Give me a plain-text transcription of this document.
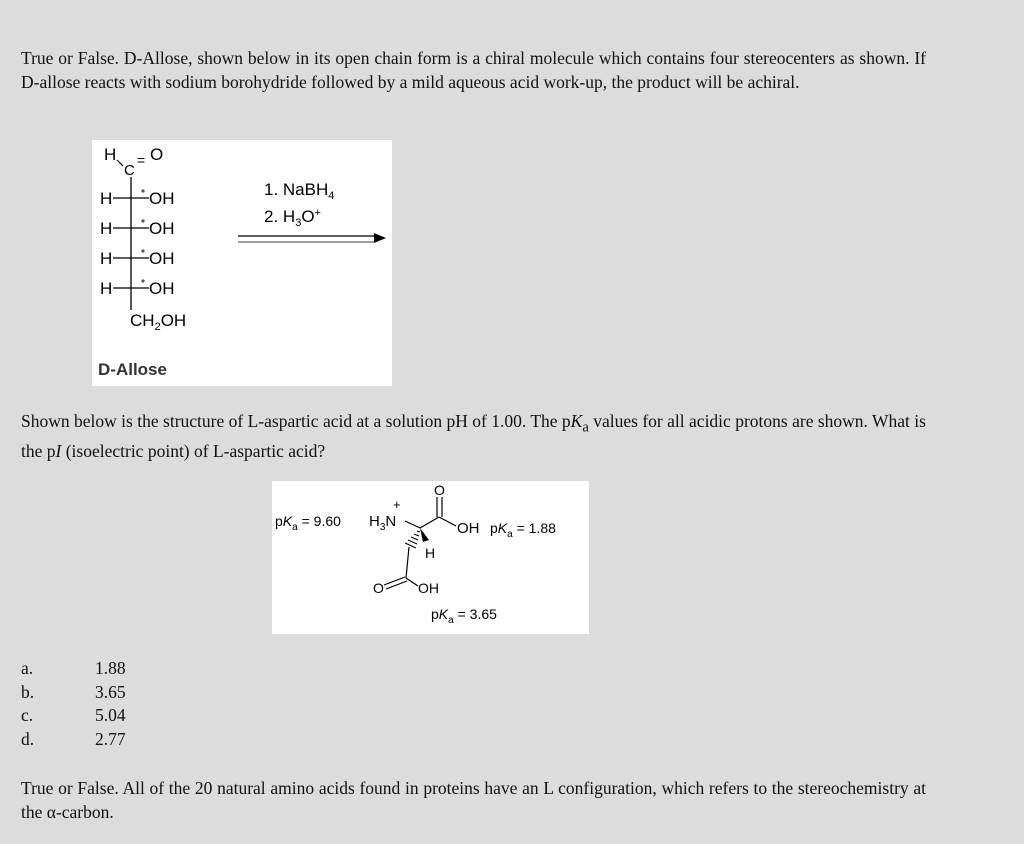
True or False. D-Allose, shown below in its open chain form is a chiral molecule which contains four stereocenters as shown. If D-allose reacts with sodium borohydride followed by a mild aqueous acid work-up, the product will be achiral.

H
C
= O
H OH
H OH
H OH
H OH
$CH_2OH$
D-Allose
1. NaBH$_4$
2. $H_3O^+$

Shown below is the structure of L-aspartic acid at a solution pH of 1.00. The $pK_a$ values for all acidic protons are shown. What is the pI (isoelectric point) of L-aspartic acid?

$pK_a = 9.60$ $H_3N$
+
O
OH $pK_a = 1.88$
H
O OH
$pK_a = 3.65$
a.	1.88
b.	3.65
c.	5.04
d.	2.77

True or False. All of the 20 natural amino acids found in proteins have an L configuration, which refers to the stereochemistry at the α-carbon.
